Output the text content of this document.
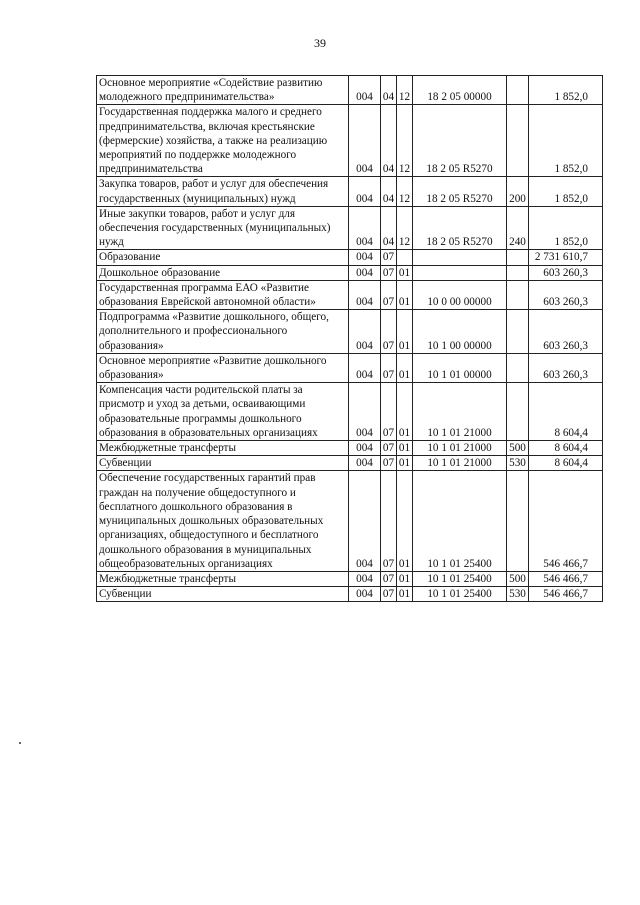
39
Основное мероприятие «Содействие развитию молодежного предпринимательства»	004	04	12	18 2 05 00000		1 852,0
Государственная поддержка малого и среднего предпринимательства, включая крестьянские (фермерские) хозяйства, а также на реализацию мероприятий по поддержке молодежного предпринимательства	004	04	12	18 2 05 R5270		1 852,0
Закупка товаров, работ и услуг для обеспечения государственных (муниципальных) нужд	004	04	12	18 2 05 R5270	200	1 852,0
Иные закупки товаров, работ и услуг для обеспечения государственных (муниципальных) нужд	004	04	12	18 2 05 R5270	240	1 852,0
Образование	004	07				2 731 610,7
Дошкольное образование	004	07	01			603 260,3
Государственная программа ЕАО «Развитие образования Еврейской автономной области»	004	07	01	10 0 00 00000		603 260,3
Подпрограмма «Развитие дошкольного, общего, дополнительного и профессионального образования»	004	07	01	10 1 00 00000		603 260,3
Основное мероприятие «Развитие дошкольного образования»	004	07	01	10 1 01 00000		603 260,3
Компенсация части родительской платы за присмотр и уход за детьми, осваивающими образовательные программы дошкольного образования в образовательных организациях	004	07	01	10 1 01 21000		8 604,4
Межбюджетные трансферты	004	07	01	10 1 01 21000	500	8 604,4
Субвенции	004	07	01	10 1 01 21000	530	8 604,4
Обеспечение государственных гарантий прав граждан на получение общедоступного и бесплатного дошкольного образования в муниципальных дошкольных образовательных организациях, общедоступного и бесплатного дошкольного образования в муниципальных общеобразовательных организациях	004	07	01	10 1 01 25400		546 466,7
Межбюджетные трансферты	004	07	01	10 1 01 25400	500	546 466,7
Субвенции	004	07	01	10 1 01 25400	530	546 466,7
